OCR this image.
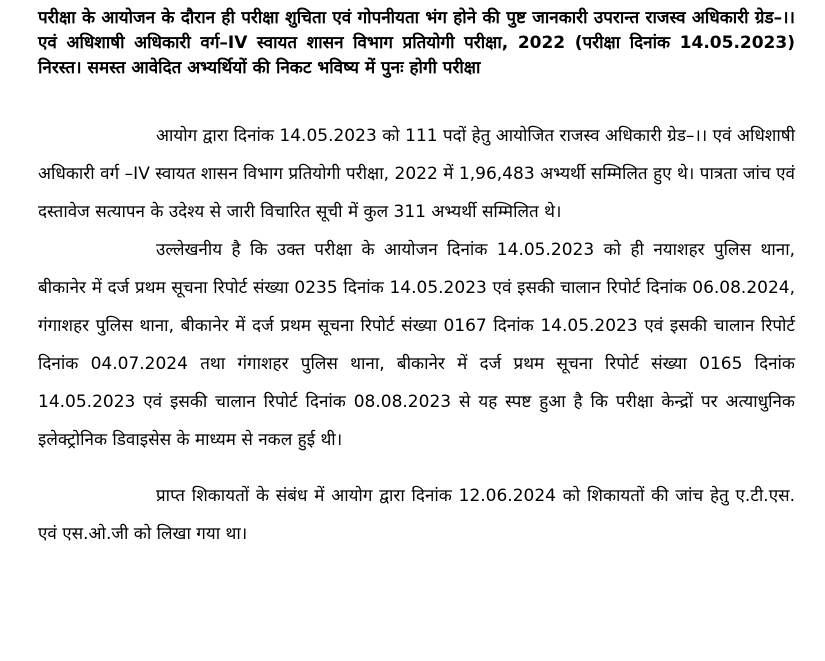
परीक्षा के आयोजन के दौरान ही परीक्षा शुचिता एवं गोपनीयता भंग होने की पुष्ट जानकारी उपरान्त राजस्व अधिकारी ग्रेड–।। एवं अधिशाषी अधिकारी वर्ग–IV स्वायत शासन विभाग प्रतियोगी परीक्षा, 2022 (परीक्षा दिनांक 14.05.2023) निरस्त। समस्त आवेदित अभ्यर्थियों की निकट भविष्य में पुनः होगी परीक्षा

आयोग द्वारा दिनांक 14.05.2023 को 111 पदों हेतु आयोजित राजस्व अधिकारी ग्रेड–।। एवं अधिशाषी अधिकारी वर्ग –IV स्वायत शासन विभाग प्रतियोगी परीक्षा, 2022 में 1,96,483 अभ्यर्थी सम्मिलित हुए थे। पात्रता जांच एवं दस्तावेज सत्यापन के उदेश्य से जारी विचारित सूची में कुल 311 अभ्यर्थी सम्मिलित थे।

उल्लेखनीय है कि उक्त परीक्षा के आयोजन दिनांक 14.05.2023 को ही नयाशहर पुलिस थाना, बीकानेर में दर्ज प्रथम सूचना रिपोर्ट संख्या 0235 दिनांक 14.05.2023 एवं इसकी चालान रिपोर्ट दिनांक 06.08.2024, गंगाशहर पुलिस थाना, बीकानेर में दर्ज प्रथम सूचना रिपोर्ट संख्या 0167 दिनांक 14.05.2023 एवं इसकी चालान रिपोर्ट दिनांक 04.07.2024 तथा गंगाशहर पुलिस थाना, बीकानेर में दर्ज प्रथम सूचना रिपोर्ट संख्या 0165 दिनांक 14.05.2023 एवं इसकी चालान रिपोर्ट दिनांक 08.08.2023 से यह स्पष्ट हुआ है कि परीक्षा केन्द्रों पर अत्याधुनिक इलेक्ट्रोनिक डिवाइसेस के माध्यम से नकल हुई थी।

प्राप्त शिकायतों के संबंध में आयोग द्वारा दिनांक 12.06.2024 को शिकायतों की जांच हेतु ए.टी.एस. एवं एस.ओ.जी को लिखा गया था।
